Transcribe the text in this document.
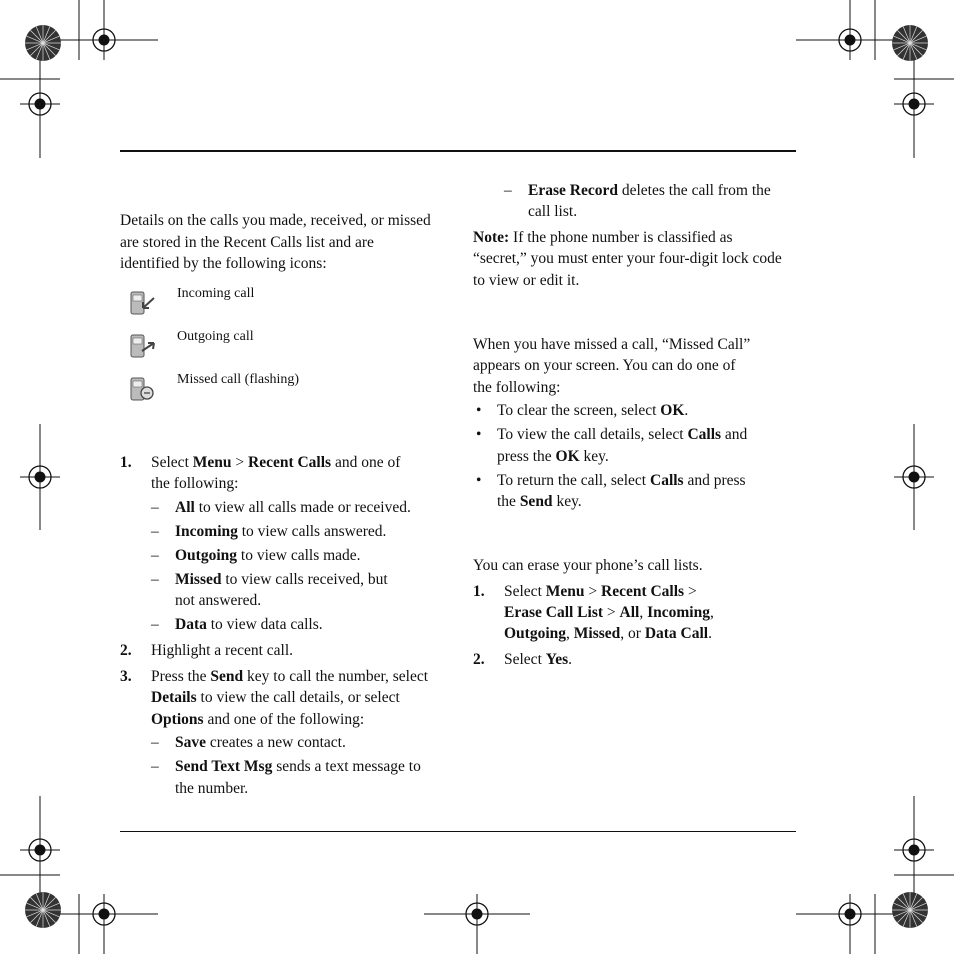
Details on the calls you made, received, or missed

are stored in the Recent Calls list and are

identified by the following icons:

Incoming call
Outgoing call
Missed call (flashing)
1. Select Menu > Recent Calls and one of
the following:
– All to view all calls made or received.
– Incoming to view calls answered.
– Outgoing to view calls made.
– Missed to view calls received, but
not answered.
– Data to view data calls.
2. Highlight a recent call.
3. Press the Send key to call the number, select
Details to view the call details, or select
Options and one of the following:
– Save creates a new contact.
– Send Text Msg sends a text message to
the number.
– Erase Record deletes the call from the
call list.
Note: If the phone number is classified as
“secret,” you must enter your four-digit lock code
to view or edit it.
When you have missed a call, “Missed Call”
appears on your screen. You can do one of
the following:
• To clear the screen, select OK.
• To view the call details, select Calls and
press the OK key.
• To return the call, select Calls and press
the Send key.
You can erase your phone’s call lists.
1. Select Menu > Recent Calls >
Erase Call List > All, Incoming,
Outgoing, Missed, or Data Call.
2. Select Yes.
